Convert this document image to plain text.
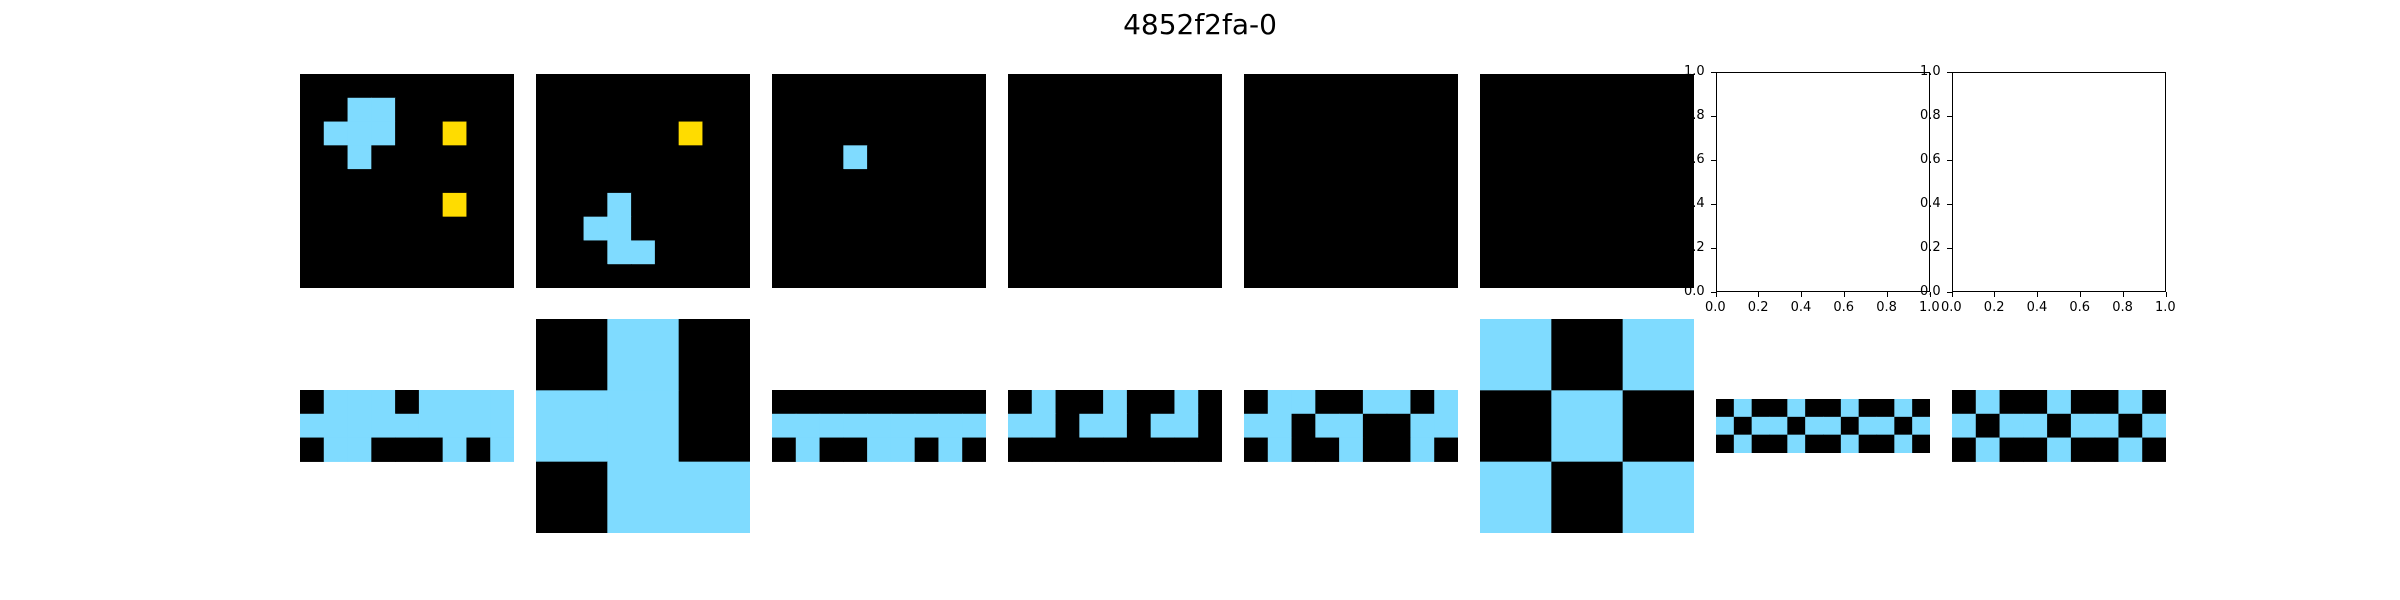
4852f2fa-0
0.0 0.2 0.4 0.6 0.8 1.0
0.0
0.2
0.4
0.6
0.8
1.0
0.0 0.2 0.4 0.6 0.8 1.0
0.0
0.2
0.4
0.6
0.8
1.0
